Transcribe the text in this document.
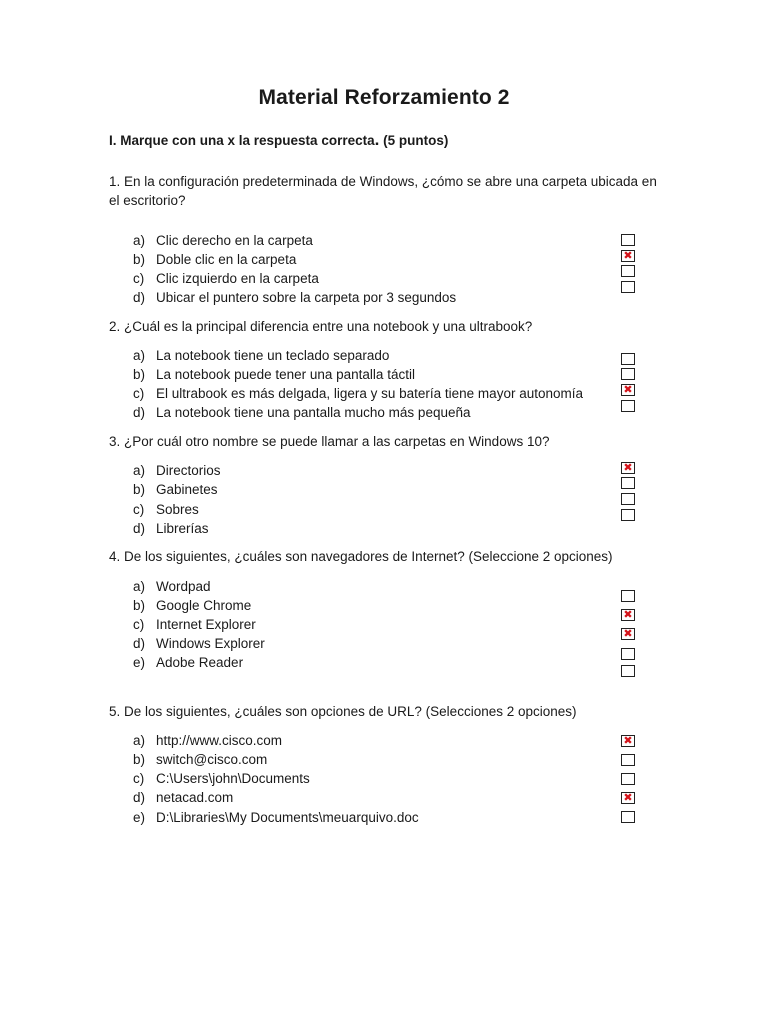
Material Reforzamiento 2
I. Marque con una x la respuesta correcta. (5 puntos)
1. En la configuración predeterminada de Windows, ¿cómo se abre una carpeta ubicada en el escritorio?
a) Clic derecho en la carpeta
b) Doble clic en la carpeta
c) Clic izquierdo en la carpeta
d) Ubicar el puntero sobre la carpeta por 3 segundos
✖
2. ¿Cuál es la principal diferencia entre una notebook y una ultrabook?
a) La notebook tiene un teclado separado
b) La notebook puede tener una pantalla táctil
c) El ultrabook es más delgada, ligera y su batería tiene mayor autonomía
d) La notebook tiene una pantalla mucho más pequeña
✖
3. ¿Por cuál otro nombre se puede llamar a las carpetas en Windows 10?
a) Directorios
b) Gabinetes
c) Sobres
d) Librerías
✖
4. De los siguientes, ¿cuáles son navegadores de Internet? (Seleccione 2 opciones)
a) Wordpad
b) Google Chrome
c) Internet Explorer
d) Windows Explorer
e) Adobe Reader
✖
✖
5. De los siguientes, ¿cuáles son opciones de URL? (Selecciones 2 opciones)
a) http://www.cisco.com
b) switch@cisco.com
c) C:\Users\john\Documents
d) netacad.com
e) D:\Libraries\My Documents\meuarquivo.doc
✖
✖
